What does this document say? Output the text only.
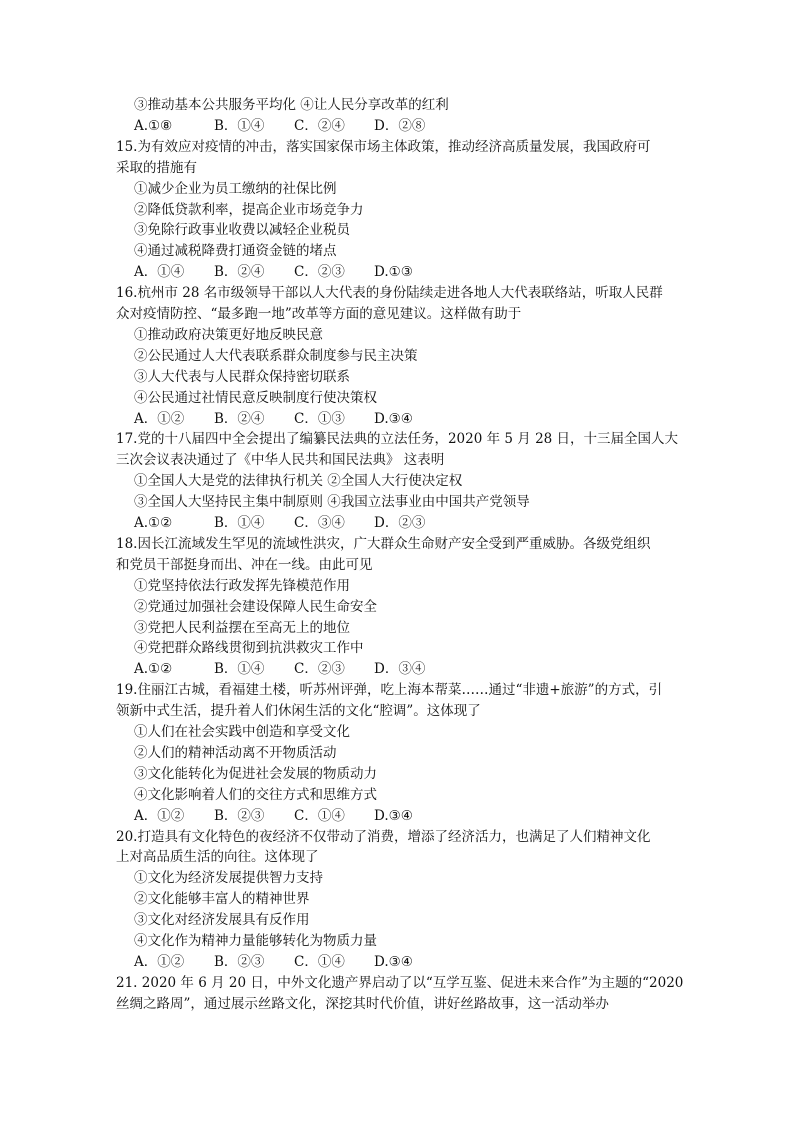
③推动基本公共服务平均化 ④让人民分享改革的红利
A.①⑧	B．①④ C．②④ D．②⑧
15.为有效应对疫情的冲击，落实国家保市场主体政策，推动经济高质量发展，我国政府可
采取的措施有
①减少企业为员工缴纳的社保比例
②降低贷款利率，提高企业市场竞争力
③免除行政事业收费以减轻企业税员
④通过减税降费打通资金链的堵点
A．①④ B．②④ C．②③ D.①③
16.杭州市 28 名市级领导干部以人大代表的身份陆续走进各地人大代表联络站，听取人民群
众对疫情防控、“最多跑一地”改革等方面的意见建议。这样做有助于
①推动政府决策更好地反映民意
②公民通过人大代表联系群众制度参与民主决策
③人大代表与人民群众保持密切联系
④公民通过社情民意反映制度行使决策权
A．①② B．②④ C．①③ D.③④
17.党的十八届四中全会提出了编纂民法典的立法任务，2020 年 5 月 28 日，十三届全国人大
三次会议表决通过了《中华人民共和国民法典》 这表明
①全国人大是党的法律执行机关 ②全国人大行使决定权
③全国人大坚持民主集中制原则 ④我国立法事业由中国共产党领导
A.①②	B．①④ C．③④ D．②③
18.因长江流域发生罕见的流域性洪灾，广大群众生命财产安全受到严重威胁。各级党组织
和党员干部挺身而出、冲在一线。由此可见
①党坚持依法行政发挥先锋模范作用
②党通过加强社会建设保障人民生命安全
③党把人民利益摆在至高无上的地位
④党把群众路线贯彻到抗洪救灾工作中
A.①②	B．①④ C．②③ D．③④
19.住丽江古城，看福建土楼，听苏州评弹，吃上海本帮菜……通过“非遗+旅游”的方式，引
领新中式生活，提升着人们休闲生活的文化“腔调”。这体现了
①人们在社会实践中创造和享受文化
②人们的精神活动离不开物质活动
③文化能转化为促进社会发展的物质动力
④文化影响着人们的交往方式和思维方式
A．①② B．②③ C．①④ D.③④
20.打造具有文化特色的夜经济不仅带动了消费，增添了经济活力，也满足了人们精神文化
上对高品质生活的向往。这体现了
①文化为经济发展提供智力支持
②文化能够丰富人的精神世界
③文化对经济发展具有反作用
④文化作为精神力量能够转化为物质力量
A．①② B．②③ C．①④ D.③④
21. 2020 年 6 月 20 日，中外文化遗产界启动了以“互学互鉴、促进未来合作”为主题的“2020
丝绸之路周”，通过展示丝路文化，深挖其时代价值，讲好丝路故事，这一活动举办
